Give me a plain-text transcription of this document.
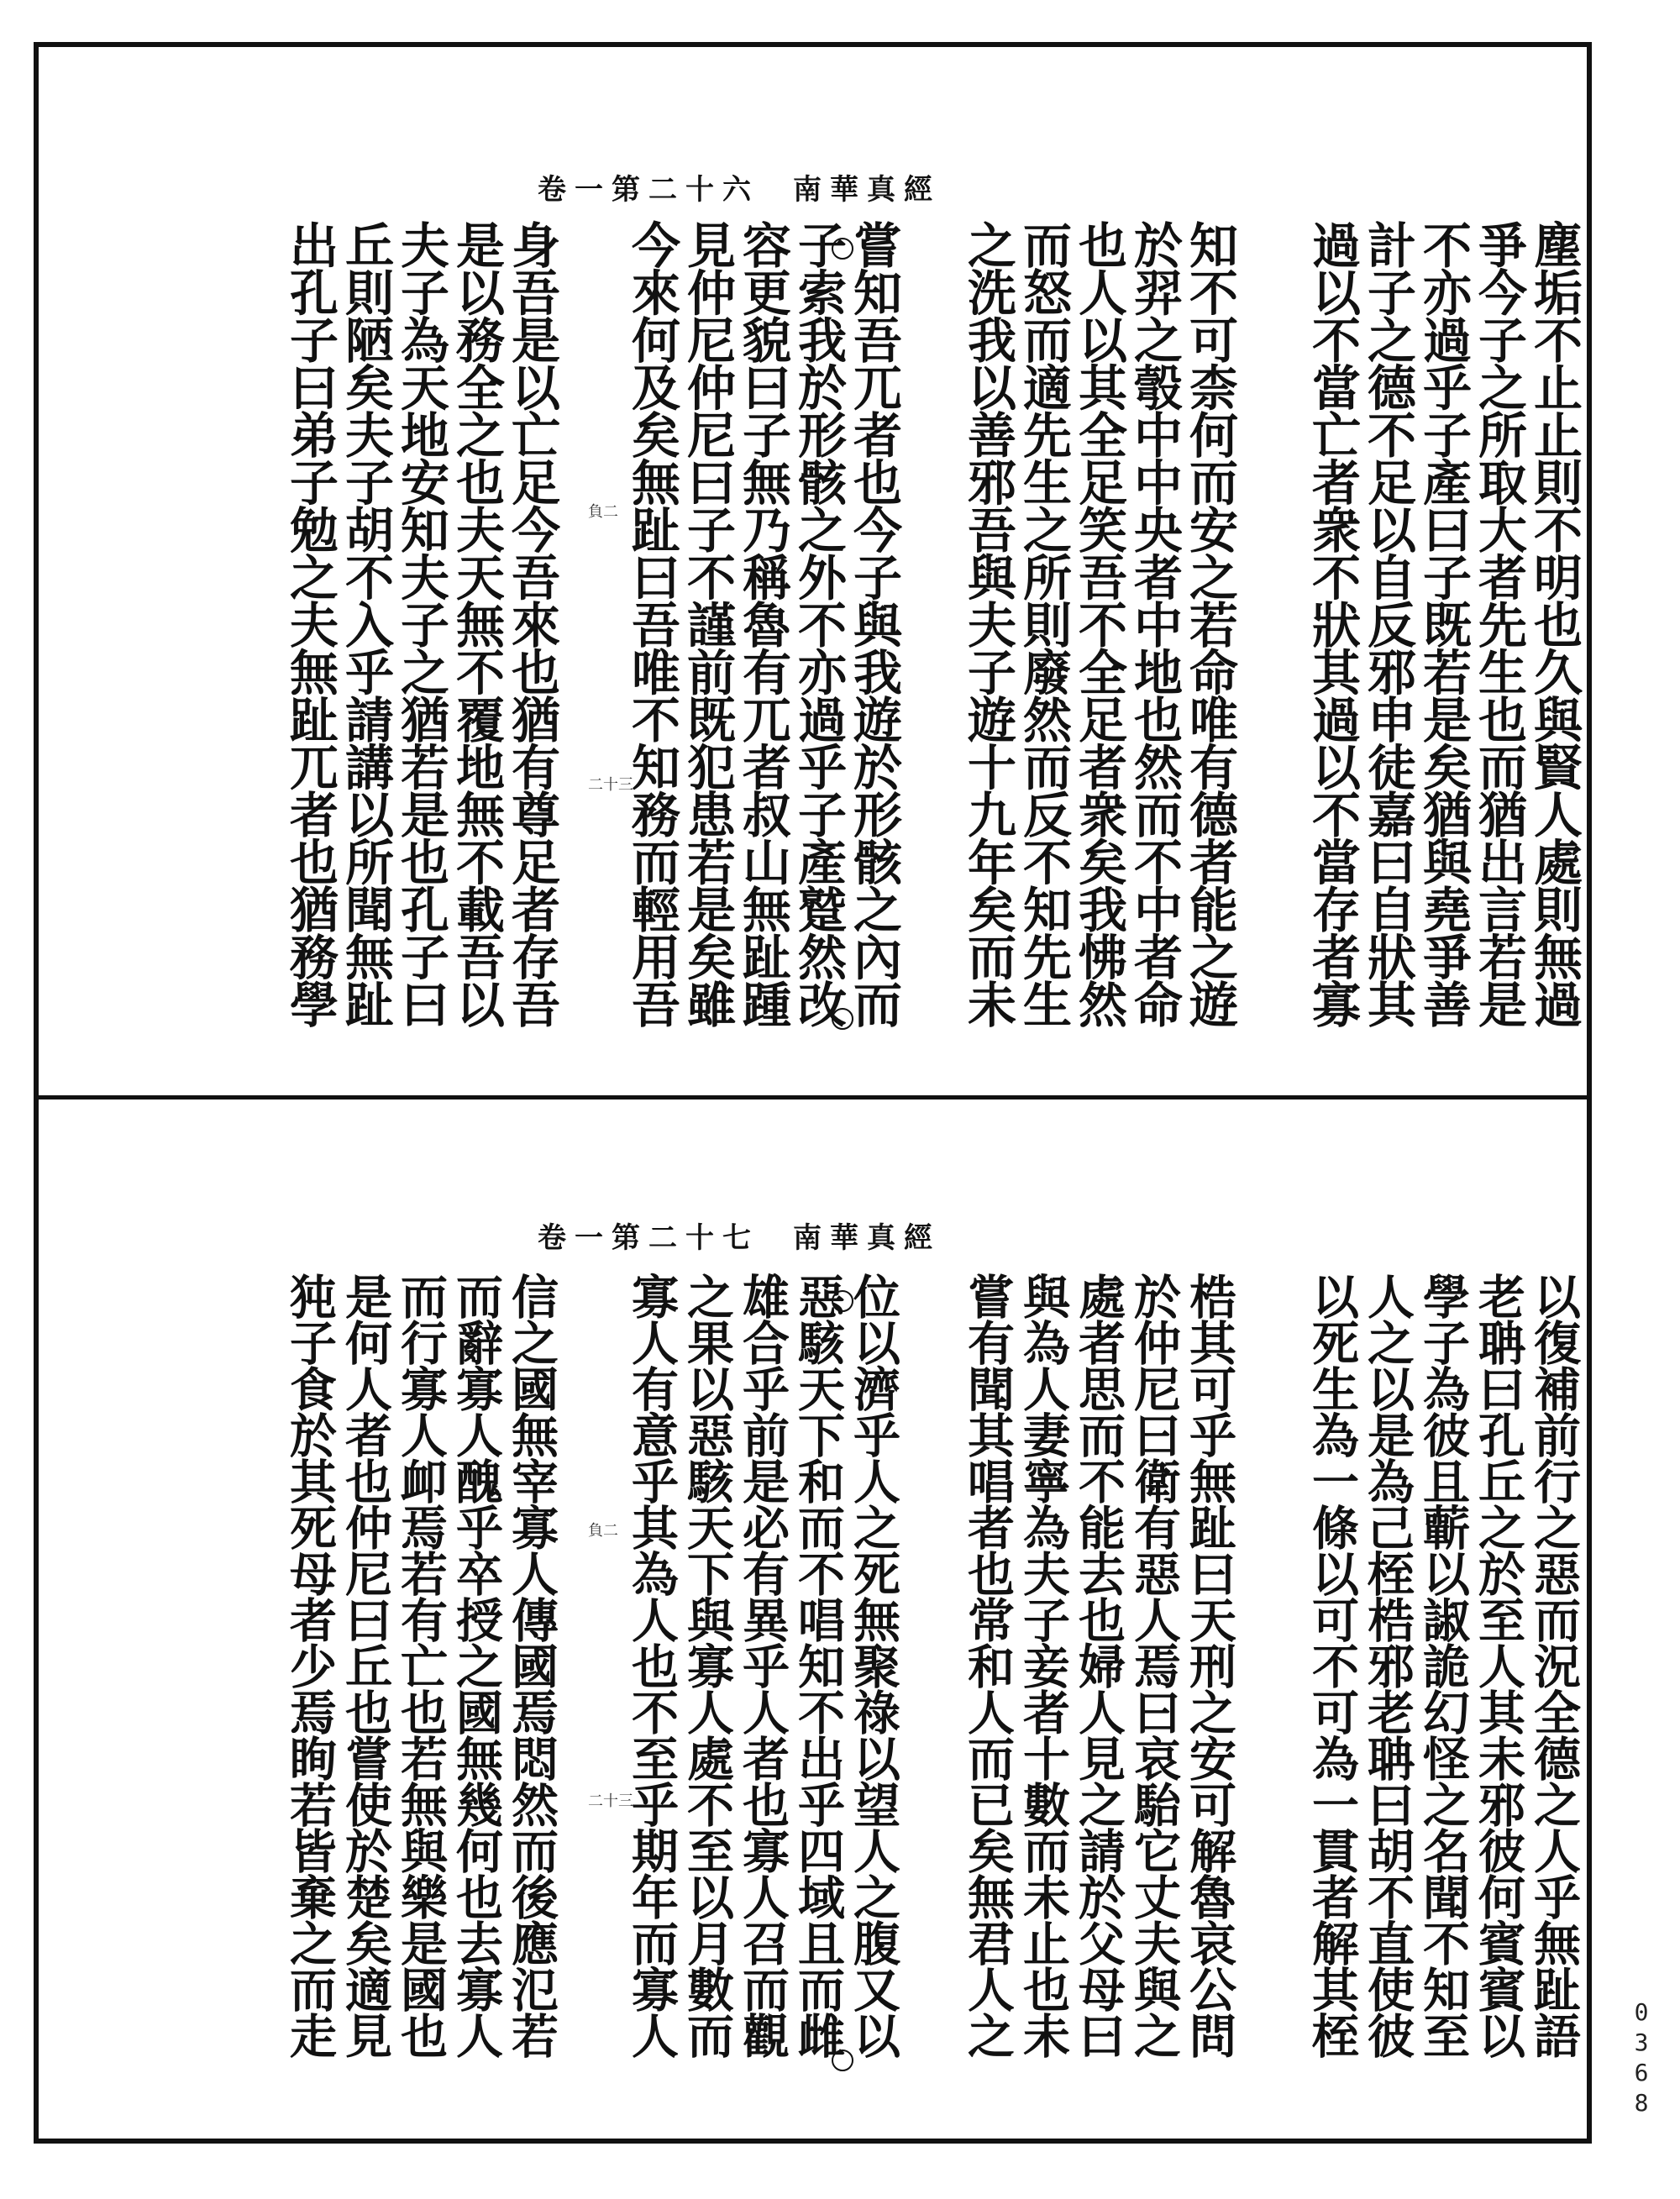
卷一第二十六 南華真經
塵垢不止止則不明也久與賢人處則無過
爭今子之所取大者先生也而猶出言若是
不亦過乎子產曰子既若是矣猶與堯爭善
計子之德不足以自反邪申徒嘉曰自狀其
過以不當亡者衆不狀其過以不當存者寡
知不可柰何而安之若命唯有德者能之遊
於羿之彀中中央者中地也然而不中者命
也人以其全足笑吾不全足者衆矣我怫然
而怒而適先生之所則廢然而反不知先生
之洗我以善邪吾與夫子遊十九年矣而未
嘗知吾兀者也今子與我遊於形骸之內而
子索我於形骸之外不亦過乎子產蹵然改
容更貌曰子無乃稱魯有兀者叔山無趾踵
見仲尼仲尼曰子不謹前既犯患若是矣雖
今來何及矣無趾曰吾唯不知務而輕用吾
身吾是以亡足今吾來也猶有尊足者存吾
是以務全之也夫天無不覆地無不載吾以
夫子為天地安知夫子之猶若是也孔子曰
丘則陋矣夫子胡不入乎請講以所聞無趾
出孔子曰弟子勉之夫無趾兀者也猶務學	負二
二十三
卷一第二十七 南華真經
以復補前行之惡而況全德之人乎無趾語
老聃曰孔丘之於至人其未邪彼何賓賓以
學子為彼且蘄以諔詭幻怪之名聞不知至
人之以是為己桎梏邪老聃曰胡不直使彼
以死生為一條以可不可為一貫者解其桎
梏其可乎無趾曰天刑之安可解魯哀公問
於仲尼曰衛有惡人焉曰哀駘它丈夫與之
處者思而不能去也婦人見之請於父母曰
與為人妻寧為夫子妾者十數而未止也未
嘗有聞其唱者也常和人而已矣無君人之
位以濟乎人之死無聚祿以望人之腹又以
惡駭天下和而不唱知不出乎四域且而雌
雄合乎前是必有異乎人者也寡人召而觀
之果以惡駭天下與寡人處不至以月數而
寡人有意乎其為人也不至乎期年而寡人
信之國無宰寡人傳國焉悶然而後應氾若
而辭寡人醜乎卒授之國無幾何也去寡人
而行寡人卹焉若有亡也若無與樂是國也
是何人者也仲尼曰丘也嘗使於楚矣適見
㹠子食於其死母者少焉眴若皆棄之而走	負二
二十三
0
3
6
8
